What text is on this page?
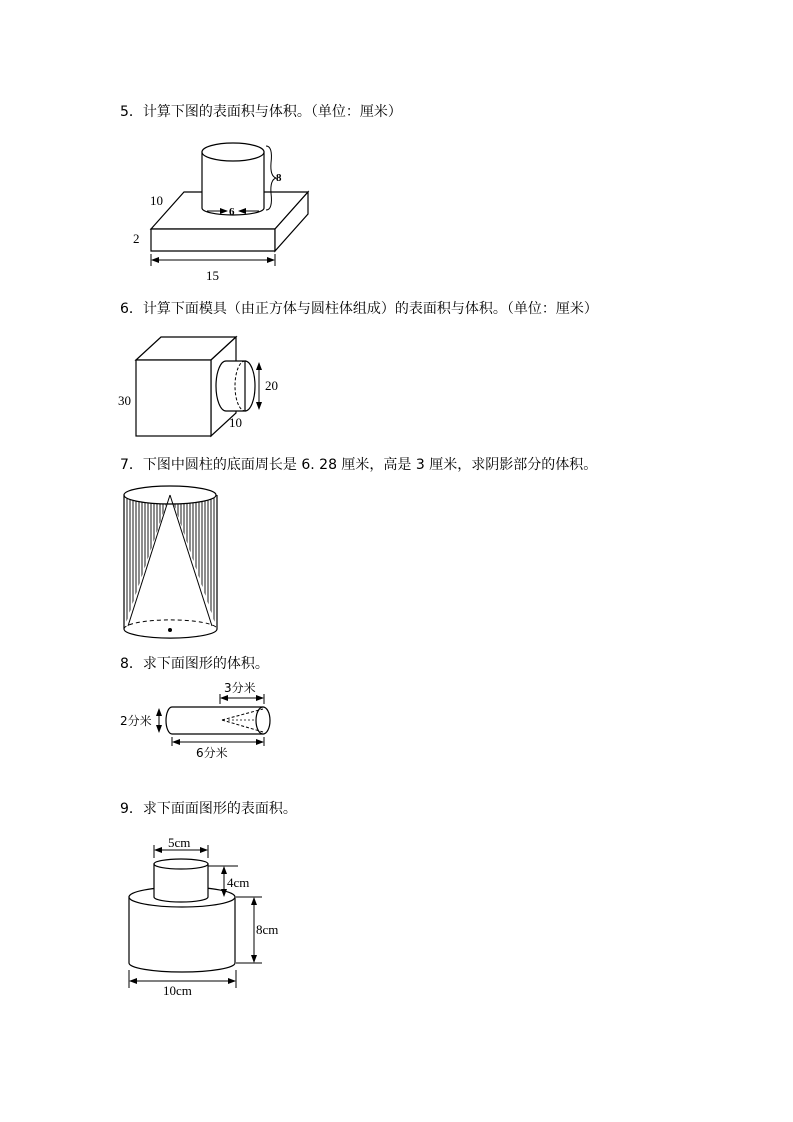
5．计算下图的表面积与体积。（单位：厘米）
10
2
15
8
6
6．计算下面模具（由正方体与圆柱体组成）的表面积与体积。（单位：厘米）
30
20
10
7．下图中圆柱的底面周长是 6. 28 厘米，高是 3 厘米，求阴影部分的体积。
8．求下面图形的体积。
2分米
3分米
6分米
9．求下面面图形的表面积。
5cm
4cm
8cm
10cm
